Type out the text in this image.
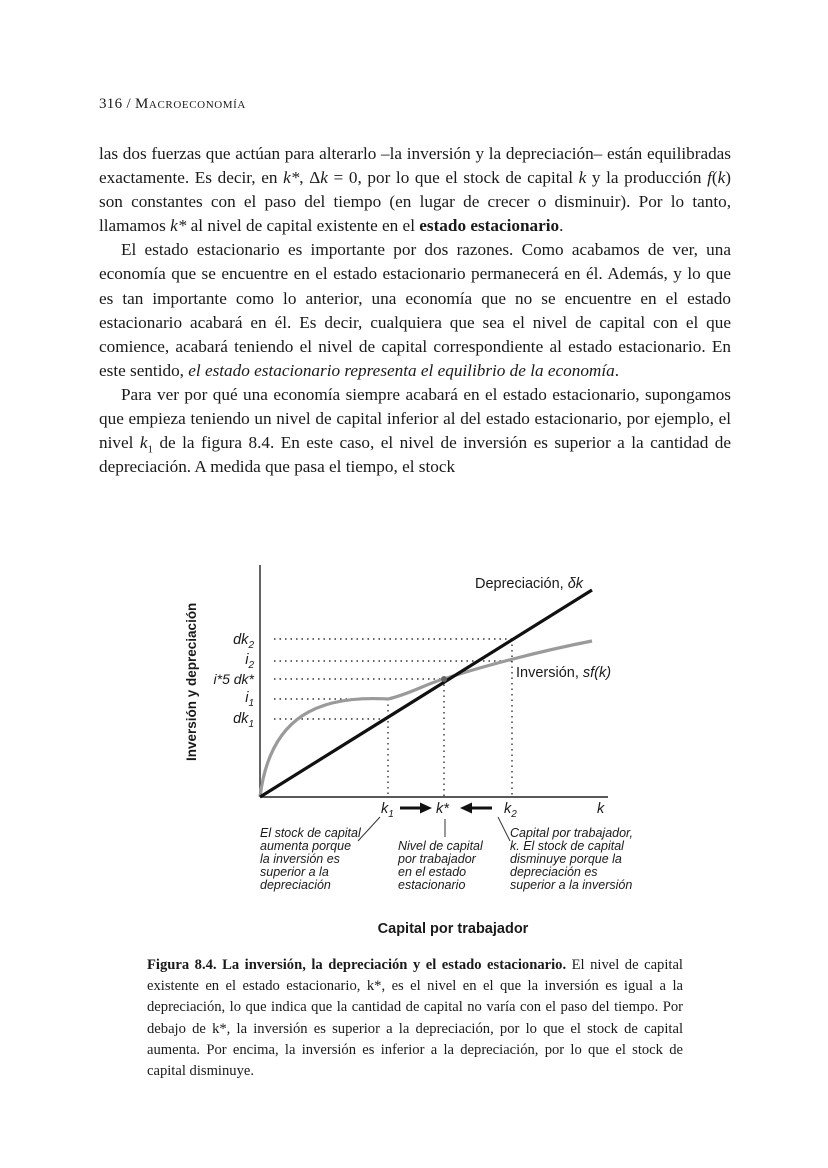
316 / Macroeconomía

las dos fuerzas que actúan para alterarlo –la inversión y la depreciación– están equilibradas exactamente. Es decir, en k*, Δk = 0, por lo que el stock de capital k y la producción f(k) son constantes con el paso del tiempo (en lugar de crecer o disminuir). Por lo tanto, llamamos k* al nivel de capital existente en el estado estacionario.

El estado estacionario es importante por dos razones. Como acabamos de ver, una economía que se encuentre en el estado estacionario permanecerá en él. Además, y lo que es tan importante como lo anterior, una economía que no se encuentre en el estado estacionario acabará en él. Es decir, cualquiera que sea el nivel de capital con el que comience, acabará teniendo el nivel de capital correspondiente al estado estacionario. En este sentido, el estado estacionario representa el equilibrio de la economía.

Para ver por qué una economía siempre acabará en el estado estacionario, supongamos que empieza teniendo un nivel de capital inferior al del estado estacionario, por ejemplo, el nivel $k_1$ de la figura 8.4. En este caso, el nivel de inversión es superior a la cantidad de depreciación. A medida que pasa el tiempo, el stock

Inversión y depreciación
Depreciación, δk
Inversión, sf(k)
$dk_2$
$i_2$
i*5 dk*
$i_1$
$dk_1$
$k_1$	k*	$k_2$	k
El stock de capital aumenta porque la inversión es superior a la depreciación
Nivel de capital por trabajador en el estado estacionario
Capital por trabajador, k. El stock de capital disminuye porque la depreciación es superior a la inversión
Capital por trabajador
Figura 8.4. La inversión, la depreciación y el estado estacionario. El nivel de capital existente en el estado estacionario, k*, es el nivel en el que la inversión es igual a la depreciación, lo que indica que la cantidad de capital no varía con el paso del tiempo. Por debajo de k*, la inversión es superior a la depreciación, por lo que el stock de capital aumenta. Por encima, la inversión es inferior a la depreciación, por lo que el stock de capital disminuye.
